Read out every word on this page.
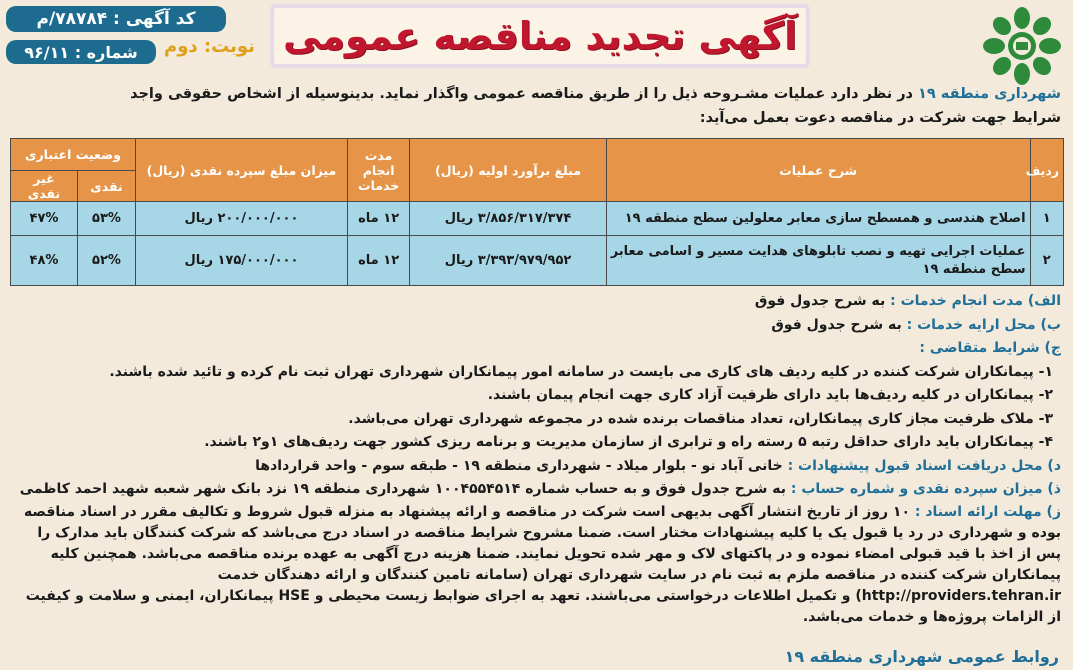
آگهی تجدید مناقصه عمومی
کد آگهی : ۷۸۷۸۴/م
شماره : ۹۶/۱۱	نوبت: دوم
شهرداری منطقه ۱۹ در نظر دارد عملیات مشـروحه ذیل را از طریق مناقصه عمومی واگذار نماید. بدینوسیله از اشخاص حقوقی واجد
شرایط جهت شرکت در مناقصه دعوت بعمل می‌آید:
ردیف	شرح عملیات	مبلغ برآورد اولیه (ریال)	مدت انجام خدمات	میزان مبلغ سپرده نقدی (ریال)	وضعیت اعتباری	
					نقدی	غیر نقدی
۱	اصلاح هندسی و همسطح سازی معابر معلولین سطح منطقه ۱۹	۳/۸۵۶/۳۱۷/۳۷۴ ریال	۱۲ ماه	۲۰۰/۰۰۰/۰۰۰ ریال	۵۳%	۴۷%
۲	عملیات اجرایی تهیه و نصب تابلوهای هدایت مسیر و اسامی معابر سطح منطقه ۱۹	۳/۳۹۳/۹۷۹/۹۵۲ ریال	۱۲ ماه	۱۷۵/۰۰۰/۰۰۰ ریال	۵۲%	۴۸%

الف) مدت انجام خدمات : به شرح جدول فوق

ب) محل ارایه خدمات : به شرح جدول فوق

ج) شرایط متقاضی :

۱- پیمانکاران شرکت کننده در کلیه ردیف های کاری می بایست در سامانه امور پیمانکاران شهرداری تهران ثبت نام کرده و تائید شده باشند.

۲- پیمانکاران در کلیه ردیف‌ها باید دارای ظرفیت آزاد کاری جهت انجام پیمان باشند.

۳- ملاک ظرفیت مجاز کاری پیمانکاران، تعداد مناقصات برنده شده در مجموعه شهرداری تهران می‌باشد.

۴- پیمانکاران باید دارای حداقل رتبه ۵ رسته راه و ترابری از سازمان مدیریت و برنامه ریزی کشور جهت ردیف‌های ۱و۲ باشند.

د) محل دریافت اسناد قبول پیشنهادات : خانی آباد نو - بلوار میلاد - شهرداری منطقه ۱۹ - طبقه سوم - واحد قراردادها

ذ) میزان سپرده نقدی و شماره حساب : به شرح جدول فوق و به حساب شماره ۱۰۰۴۵۵۴۵۱۴ شهرداری منطقه ۱۹ نزد بانک شهر شعبه شهید احمد کاظمی

ز) مهلت ارائه اسناد : ۱۰ روز از تاریخ انتشار آگهی بدیهی است شرکت در مناقصه و ارائه پیشنهاد به منزله قبول شروط و تکالیف مقرر در اسناد مناقصه بوده و شهرداری در رد یا قبول یک یا کلیه پیشنهادات مختار است. ضمنا مشروح شرایط مناقصه در اسناد درج می‌باشد که شرکت کنندگان باید مدارک را پس از اخذ با قید قبولی امضاء نموده و در پاکتهای لاک و مهر شده تحویل نمایند. ضمنا هزینه درج آگهی به عهده برنده مناقصه می‌باشد. همچنین کلیه پیمانکاران شرکت کننده در مناقصه ملزم به ثبت نام در سایت شهرداری تهران (سامانه تامین کنندگان و ارائه دهندگان خدمت http://providers.tehran.ir) و تکمیل اطلاعات درخواستی می‌باشند. تعهد به اجرای ضوابط زیست محیطی و HSE پیمانکاران، ایمنی و سلامت و کیفیت از الزامات پروژه‌ها و خدمات می‌باشد.

روابط عمومی شهرداری منطقه ۱۹
